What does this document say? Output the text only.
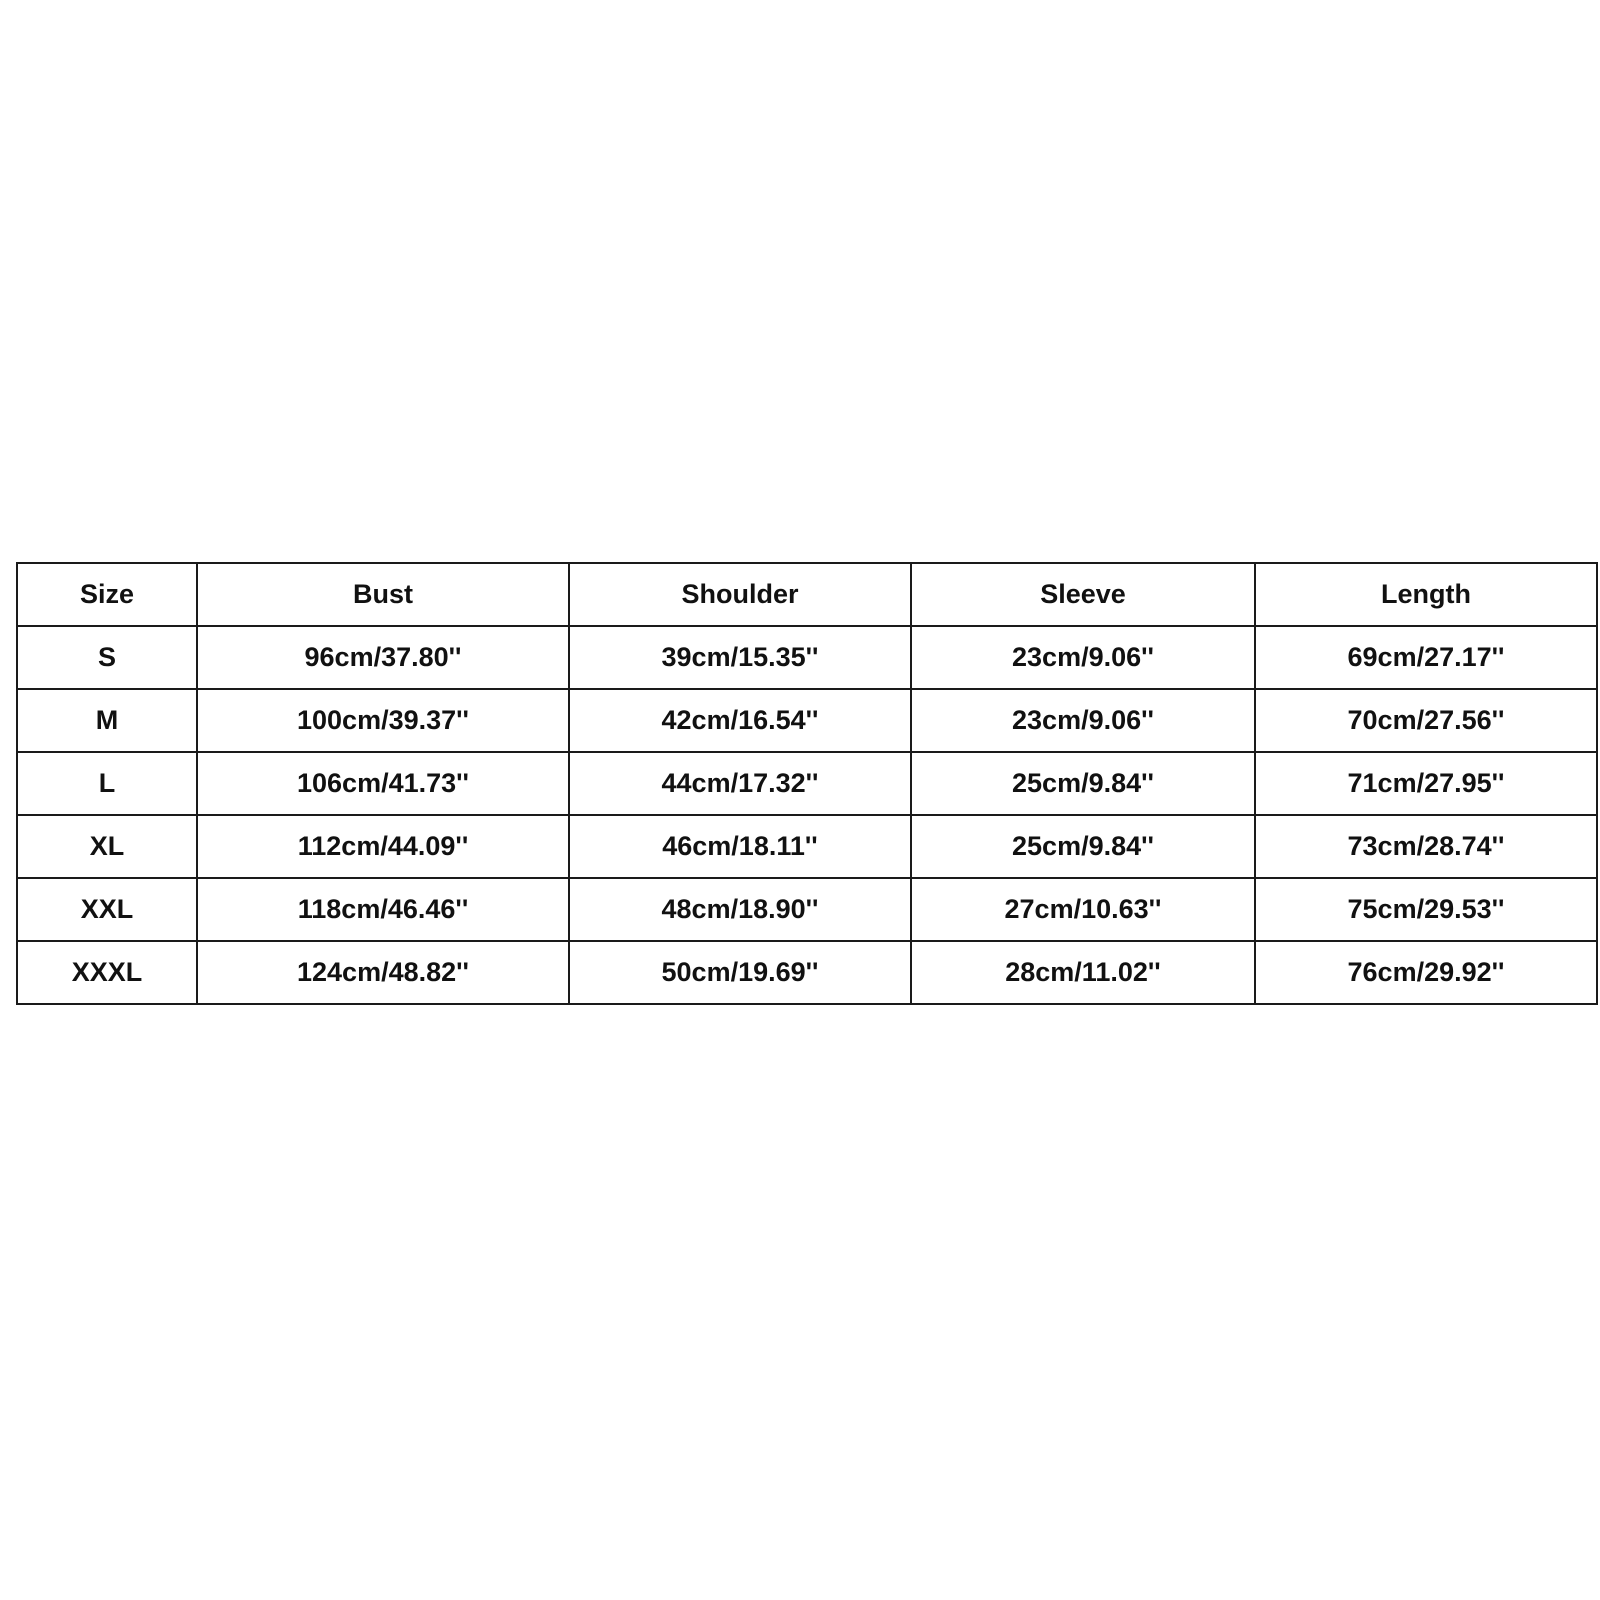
Size	Bust	Shoulder	Sleeve	Length
S	96cm/37.80''	39cm/15.35''	23cm/9.06''	69cm/27.17''
M	100cm/39.37''	42cm/16.54''	23cm/9.06''	70cm/27.56''
L	106cm/41.73''	44cm/17.32''	25cm/9.84''	71cm/27.95''
XL	112cm/44.09''	46cm/18.11''	25cm/9.84''	73cm/28.74''
XXL	118cm/46.46''	48cm/18.90''	27cm/10.63''	75cm/29.53''
XXXL	124cm/48.82''	50cm/19.69''	28cm/11.02''	76cm/29.92''
